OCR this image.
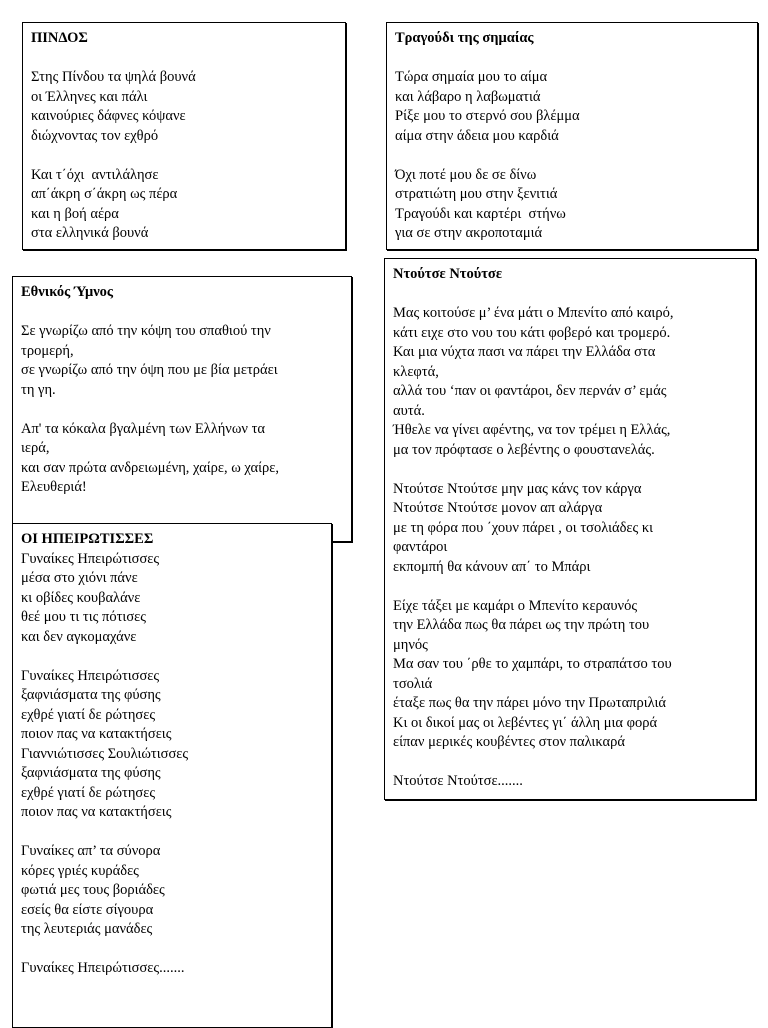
ΠΙΝΔΟΣ
Στης Πίνδου τα ψηλά βουνά
οι Έλληνες και πάλι
καινούριες δάφνες κόψανε
διώχνοντας τον εχθρό
Και τ΄όχι  αντιλάλησε
απ΄άκρη σ΄άκρη ως πέρα
και η βοή αέρα
στα ελληνικά βουνά
Τραγούδι της σημαίας
Τώρα σημαία μου το αίμα
και λάβαρο η λαβωματιά
Ρίξε μου το στερνό σου βλέμμα
αίμα στην άδεια μου καρδιά
Όχι ποτέ μου δε σε δίνω
στρατιώτη μου στην ξενιτιά
Τραγούδι και καρτέρι  στήνω
για σε στην ακροποταμιά
Εθνικός Ύμνος
Σε γνωρίζω από την κόψη του σπαθιού την
τρομερή,
σε γνωρίζω από την όψη που με βία μετράει
τη γη.
Απ' τα κόκαλα βγαλμένη των Ελλήνων τα
ιερά,
και σαν πρώτα ανδρειωμένη, χαίρε, ω χαίρε,
Ελευθεριά!
Ντούτσε Ντούτσε
Μας κοιτούσε μ’ ένα μάτι ο Μπενίτο από καιρό,
κάτι ειχε στο νου του κάτι φοβερό και τρομερό.
Και μια νύχτα πασι να πάρει την Ελλάδα στα
κλεφτά,
αλλά του ‘παν οι φαντάροι, δεν περνάν σ’ εμάς
αυτά.
Ήθελε να γίνει αφέντης, να τον τρέμει η Ελλάς,
μα τον πρόφτασε ο λεβέντης ο φουστανελάς.
Ντούτσε Ντούτσε μην μας κάνς τον κάργα
Ντούτσε Ντούτσε μονον απ αλάργα
με τη φόρα που ΄χουν πάρει , οι τσολιάδες κι
φαντάροι
εκπομπή θα κάνουν απ΄ το Μπάρι
Είχε τάξει με καμάρι ο Μπενίτο κεραυνός
την Ελλάδα πως θα πάρει ως την πρώτη του
μηνός
Μα σαν του ΄ρθε το χαμπάρι, το στραπάτσο του
τσολιά
έταξε πως θα την πάρει μόνο την Πρωταπριλιά
Κι οι δικοί μας οι λεβέντες γι΄ άλλη μια φορά
είπαν μερικές κουβέντες στον παλικαρά
Ντούτσε Ντούτσε.......
ΟΙ ΗΠΕΙΡΩΤΙΣΣΕΣ
Γυναίκες Ηπειρώτισσες
μέσα στο χιόνι πάνε
κι οβίδες κουβαλάνε
θεέ μου τι τις πότισες
και δεν αγκομαχάνε
Γυναίκες Ηπειρώτισσες
ξαφνιάσματα της φύσης
εχθρέ γιατί δε ρώτησες
ποιον πας να κατακτήσεις
Γιαννιώτισσες Σουλιώτισσες
ξαφνιάσματα της φύσης
εχθρέ γιατί δε ρώτησες
ποιον πας να κατακτήσεις
Γυναίκες απ’ τα σύνορα
κόρες γριές κυράδες
φωτιά μες τους βοριάδες
εσείς θα είστε σίγουρα
της λευτεριάς μανάδες
Γυναίκες Ηπειρώτισσες.......
